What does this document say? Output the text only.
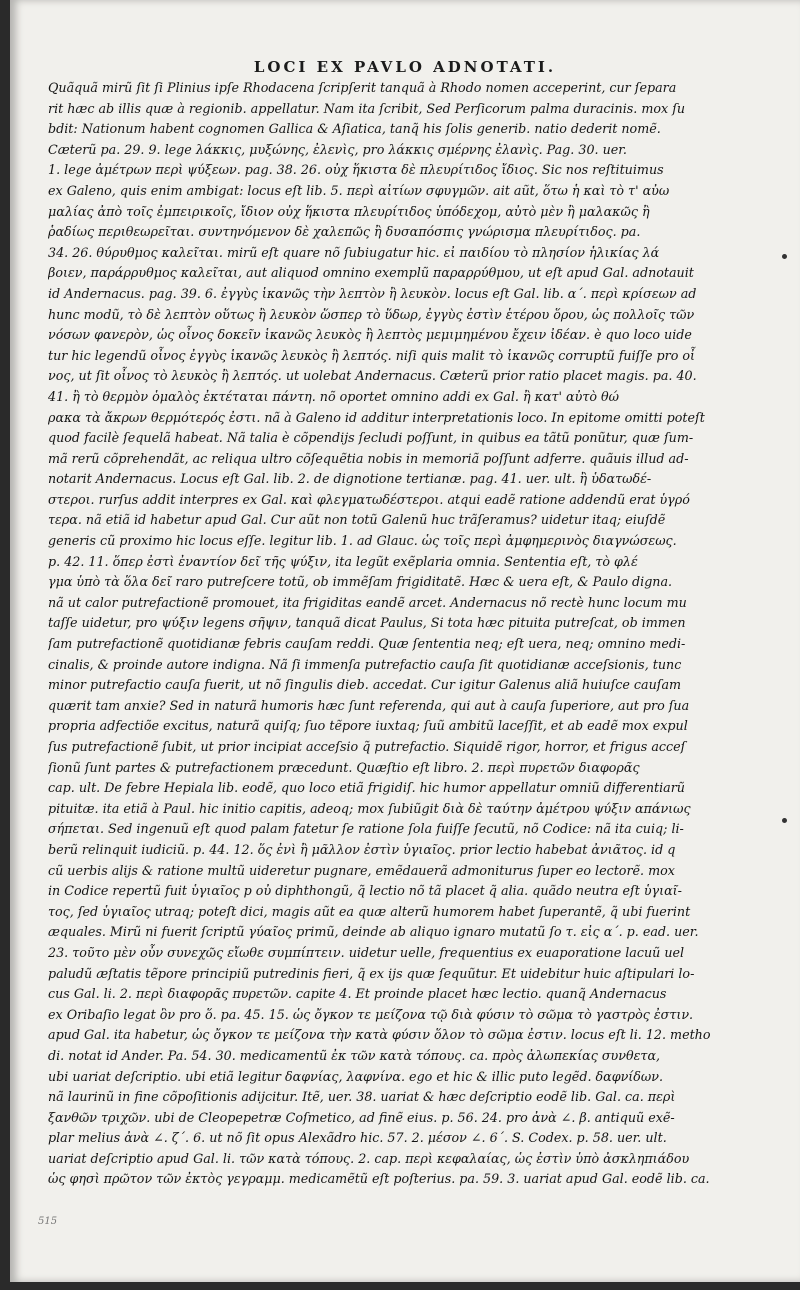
LOCI EX PAVLO ADNOTATI.
Quãquã mirũ ſit ſi Plinius ipſe Rhodacena ſcripſerit tanquã à Rhodo nomen acceperint, cur ſepara
rit hæc ab illis quæ à regionib. appellatur. Nam ita ſcribit, Sed Perſicorum palma duracinis. mox ſu
bdit: Nationum habent cognomen Gallica & Aſiatica, tanq̃ his ſolis generib. natio dederit nomẽ.
Cæterũ pa. 29. 9. lege λάκκις, μυξώνης, ἐλενὶς, pro λάκκις σμέρνης ἐλανὶς. Pag. 30. uer.
1. lege ἀμέτρων περὶ ψύξεων. pag. 38. 26. οὐχ ἥκιστα δὲ πλευρίτιδος ἴδιος. Sic nos reſtituimus
ex Galeno, quis enim ambigat: locus eſt lib. 5. περὶ αἰτίων σφυγμῶν. ait aũt, ὅτω ἡ καὶ τὸ τ' αὐω
μαλίας ἀπὸ τοῖς ἐμπειρικοῖς, ἴδιον οὐχ ἥκιστα πλευρίτιδος ὑπόδεχομ, αὐτὸ μὲν ἢ μαλακῶς ἢ
ῥαδίως περιθεωρεῖται. συντηνόμενον δὲ χαλεπῶς ἢ δυσαπόσπις γνώρισμα πλευρίτιδος. pa.
34. 26. θύρυθμος καλεῖται. mirũ eſt quare nõ ſubiugatur hic. εἰ παιδίου τὸ πλησίον ἡλικίας λά
βοιεν, παράρρυθμος καλεῖται, aut aliquod omnino exemplũ παραρρύθμου, ut eſt apud Gal. adnotauit
id Andernacus. pag. 39. 6. ἐγγὺς ἱκανῶς τὴν λεπτὸν ἢ λευκὸν. locus eſt Gal. lib. α΄. περὶ κρίσεων ad
hunc modũ, τὸ δὲ λεπτὸν οὕτως ἢ λευκὸν ὥσπερ τὸ ὕδωρ, ἐγγὺς ἐστὶν ἑτέρου ὅρου, ὡς πολλοῖς τῶν
νόσων φανερὸν, ὡς οἶνος δοκεῖν ἱκανῶς λευκὸς ἢ λεπτὸς μεμιμημένου ἔχειν ἰδέαν. è quo loco uide
tur hic legendũ οἶνος ἐγγὺς ἱκανῶς λευκὸς ἢ λεπτός. niſi quis malit τὸ ἱκανῶς corruptũ fuiſſe pro οἶ
νος, ut ſit οἶνος τὸ λευκὸς ἢ λεπτός. ut uolebat Andernacus. Cæterũ prior ratio placet magis. pa. 40.
41. ἢ τὸ θερμὸν ὁμαλὸς ἐκτέταται πάντη. nõ oportet omnino addi ex Gal. ἢ κατ' αὐτὸ θώ
ρακα τὰ ἄκρων θερμότερός ἐστι. nã à Galeno id additur interpretationis loco. In epitome omitti poteſt
quod facilè ſequelã habeat. Nã talia è cõpendijs ſecludi poſſunt, in quibus ea tãtũ ponũtur, quæ ſum-
mã rerũ cõprehendãt, ac reliqua ultro cõſequẽtia nobis in memoriã poſſunt adferre. quãuis illud ad-
notarit Andernacus. Locus eſt Gal. lib. 2. de dignotione tertianæ. pag. 41. uer. ult. ἢ ὑδατωδέ-
στεροι. rurſus addit interpres ex Gal. καὶ φλεγματωδέστεροι. atqui eadẽ ratione addendũ erat ὑγρό
τερα. nã etiã id habetur apud Gal. Cur aũt non totũ Galenũ huc trãſeramus? uidetur itaq; eiuſdẽ
generis cũ proximo hic locus eſſe. legitur lib. 1. ad Glauc. ὡς τοῖς περὶ ἀμφημερινὸς διαγνώσεως.
p. 42. 11. ὅπερ ἐστὶ ἐναντίον δεῖ τῆς ψύξιν, ita legũt exẽplaria omnia. Sententia eſt, τὸ φλέ
γμα ὑπὸ τὰ ὅλα δεῖ raro putreſcere totũ, ob immẽſam frigiditatẽ. Hæc & uera eſt, & Paulo digna.
nã ut calor putrefactionẽ promouet, ita frigiditas eandẽ arcet. Andernacus nõ rectè hunc locum mu
taſſe uidetur, pro ψύξιν legens σῆψιν, tanquã dicat Paulus, Si tota hæc pituita putreſcat, ob immen
ſam putrefactionẽ quotidianæ febris cauſam reddi. Quæ ſententia neq; eſt uera, neq; omnino medi-
cinalis, & proinde autore indigna. Nã ſi immenſa putrefactio cauſa ſit quotidianæ acceſsionis, tunc
minor putrefactio cauſa fuerit, ut nõ ſingulis dieb. accedat. Cur igitur Galenus aliã huiuſce cauſam
quærit tam anxie? Sed in naturã humoris hæc ſunt referenda, qui aut à cauſa ſuperiore, aut pro ſua
propria adfectiõe excitus, naturã quiſq; ſuo tẽpore iuxtaq; ſuũ ambitũ laceſſit, et ab eadẽ mox expul
ſus putrefactionẽ ſubit, ut prior incipiat acceſsio q̃ putrefactio. Siquidẽ rigor, horror, et frigus acceſ
ſionũ ſunt partes & putrefactionem præcedunt. Quæſtio eſt libro. 2. περὶ πυρετῶν διαφορᾶς
cap. ult. De febre Hepiala lib. eodẽ, quo loco etiã frigidiſ. hic humor appellatur omniũ differentiarũ
pituitæ. ita etiã à Paul. hic initio capitis, adeoq; mox ſubiũgit διὰ δὲ ταύτην ἀμέτρου ψύξιν απάνιως
σήπεται. Sed ingenuũ eſt quod palam fatetur ſe ratione ſola fuiſſe ſecutũ, nõ Codice: nã ita cuiq; li-
berũ relinquit iudiciũ. p. 44. 12. ὅς ἐνὶ ἢ μᾶλλον ἐστὶν ὑγιαῖος. prior lectio habebat ἀνιᾶτος. id q
cũ uerbis alijs & ratione multũ uideretur pugnare, emẽdauerã admoniturus ſuper eo lectorẽ. mox
in Codice repertũ fuit ὑγιαῖος p οὐ diphthongũ, q̃ lectio nõ tã placet q̃ alia. quãdo neutra eſt ὑγιαῖ-
τος, ſed ὑγιαῖος utraq; poteſt dici, magis aũt ea quæ alterũ humorem habet ſuperantẽ, q̃ ubi fuerint
æquales. Mirũ ni fuerit ſcriptũ γύαῖος primũ, deinde ab aliquo ignaro mutatũ ſo τ. εἰς α΄. p. ead. uer.
23. τοῦτο μὲν οὖν συνεχῶς εἴωθε συμπίπτειν. uidetur uelle, frequentius ex euaporatione lacuũ uel
paludũ æſtatis tẽpore principiũ putredinis fieri, q̃ ex ijs quæ ſequũtur. Et uidebitur huic aſtipulari lo-
cus Gal. li. 2. περὶ διαφορᾶς πυρετῶν. capite 4. Et proinde placet hæc lectio. quanq̃ Andernacus
ex Oribaſio legat ὃν pro ὅ. pa. 45. 15. ὡς ὄγκον τε μείζονα τῷ διὰ φύσιν τὸ σῶμα τὸ γαστρὸς ἐστιν.
apud Gal. ita habetur, ὡς ὄγκον τε μείζονα τὴν κατὰ φύσιν ὅλον τὸ σῶμα ἐστιν. locus eſt li. 12. metho
di. notat id Ander. Pa. 54. 30. medicamentũ ἐκ τῶν κατὰ τόπους. ca. πρὸς ἀλωπεκίας συνθετα,
ubi uariat deſcriptio. ubi etiã legitur δαφνίας, λαφνίνα. ego et hic & illic puto legẽd. δαφνίδων.
nã laurinũ in fine cõpoſitionis adijcitur. Itẽ, uer. 38. uariat & hæc deſcriptio eodẽ lib. Gal. ca. περὶ
ξανθῶν τριχῶν. ubi de Cleopepetræ Coſmetico, ad finẽ eius. p. 56. 24. pro ἀνὰ ∠. β. antiquũ exẽ-
plar melius ἀνὰ ∠. ζ΄. 6. ut nõ ſit opus Alexãdro hic. 57. 2. μέσον ∠. 6΄. S. Codex. p. 58. uer. ult.
uariat deſcriptio apud Gal. li. τῶν κατὰ τόπους. 2. cap. περὶ κεφαλαίας, ὡς ἐστὶν ὑπὸ ἀσκληπιάδου
ὡς φησὶ πρῶτον τῶν ἐκτὸς γεγραμμ. medicamẽtũ eſt poſterius. pa. 59. 3. uariat apud Gal. eodẽ lib. ca.
515
